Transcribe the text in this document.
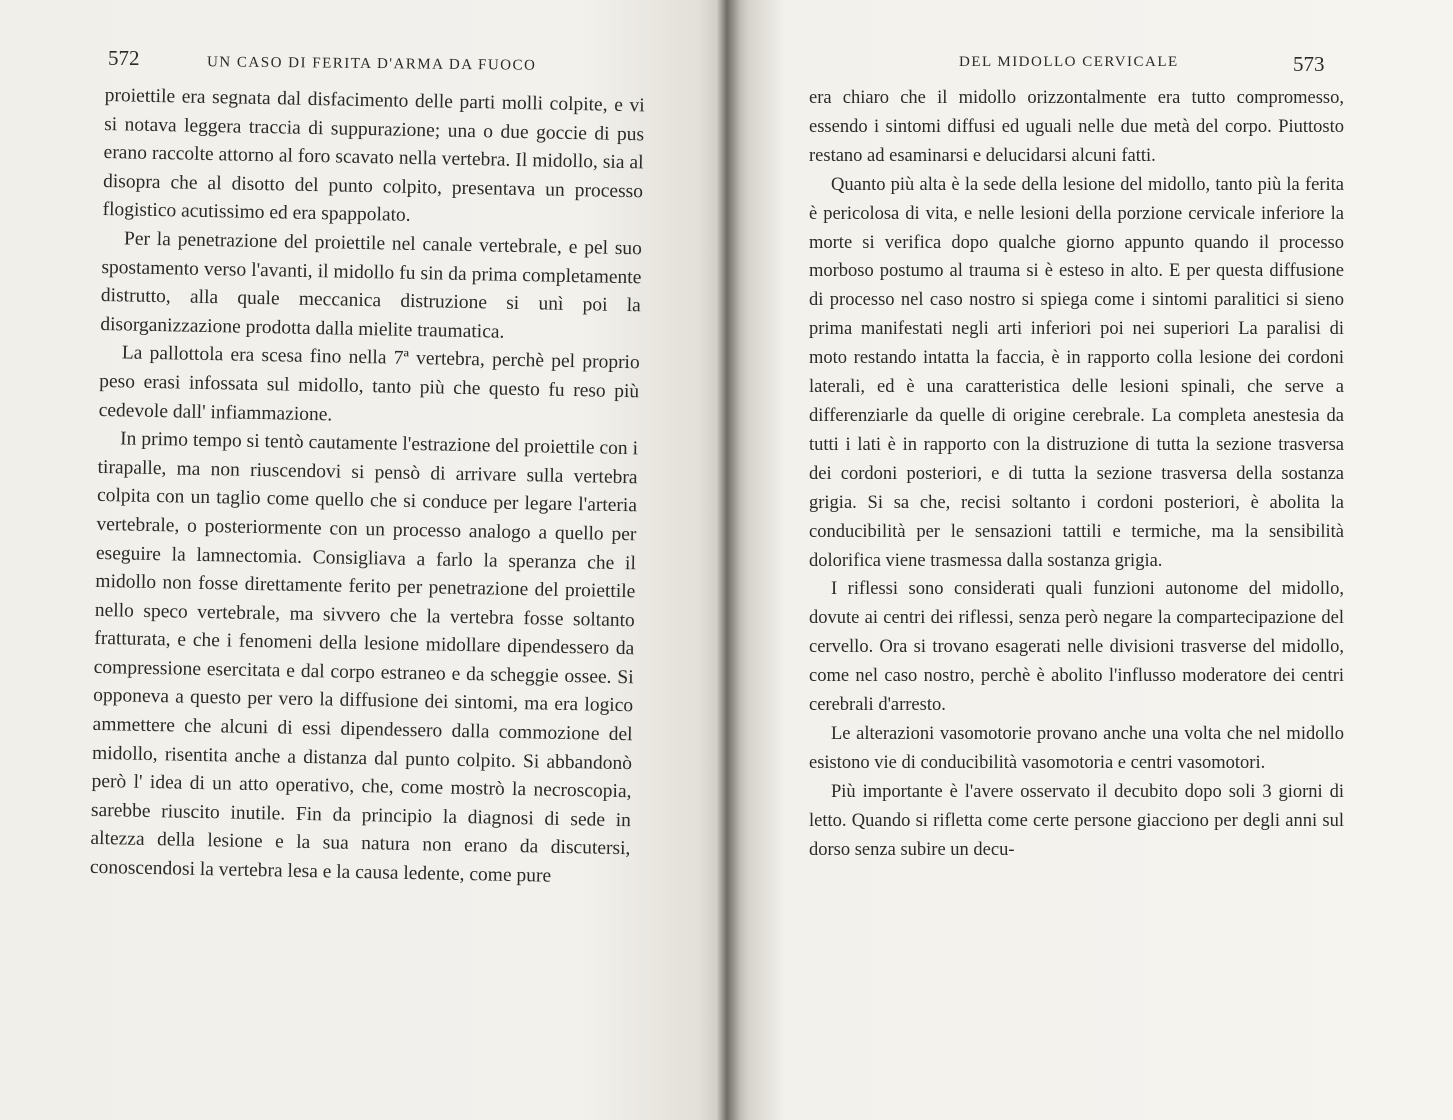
572	UN CASO DI FERITA D'ARMA DA FUOCO

proiettile era segnata dal disfacimento delle parti molli colpite, e vi si notava leggera traccia di suppurazione; una o due goccie di pus erano raccolte attorno al foro scavato nella vertebra. Il midollo, sia al disopra che al disotto del punto colpito, presentava un processo flogistico acutissimo ed era spappolato.

Per la penetrazione del proiettile nel canale vertebrale, e pel suo spostamento verso l'avanti, il midollo fu sin da prima completamente distrutto, alla quale meccanica distruzione si unì poi la disorganizzazione prodotta dalla mielite traumatica.

La pallottola era scesa fino nella 7ª vertebra, perchè pel proprio peso erasi infossata sul midollo, tanto più che questo fu reso più cedevole dall' infiammazione.

In primo tempo si tentò cautamente l'estrazione del proiettile con i tirapalle, ma non riuscendovi si pensò di arrivare sulla vertebra colpita con un taglio come quello che si conduce per legare l'arteria vertebrale, o posteriormente con un processo analogo a quello per eseguire la lamnectomia. Consigliava a farlo la speranza che il midollo non fosse direttamente ferito per penetrazione del proiettile nello speco vertebrale, ma sivvero che la vertebra fosse soltanto fratturata, e che i fenomeni della lesione midollare dipendessero da compressione esercitata e dal corpo estraneo e da scheggie ossee. Si opponeva a questo per vero la diffusione dei sintomi, ma era logico ammettere che alcuni di essi dipendessero dalla commozione del midollo, risentita anche a distanza dal punto colpito. Si abbandonò però l' idea di un atto operativo, che, come mostrò la necroscopia, sarebbe riuscito inutile. Fin da principio la diagnosi di sede in altezza della lesione e la sua natura non erano da discutersi, conoscendosi la vertebra lesa e la causa ledente, come pure

DEL MIDOLLO CERVICALE	573

era chiaro che il midollo orizzontalmente era tutto compromesso, essendo i sintomi diffusi ed uguali nelle due metà del corpo. Piuttosto restano ad esaminarsi e delucidarsi alcuni fatti.

Quanto più alta è la sede della lesione del midollo, tanto più la ferita è pericolosa di vita, e nelle lesioni della porzione cervicale inferiore la morte si verifica dopo qualche giorno appunto quando il processo morboso postumo al trauma si è esteso in alto. E per questa diffusione di processo nel caso nostro si spiega come i sintomi paralitici si sieno prima manifestati negli arti inferiori poi nei superiori La paralisi di moto restando intatta la faccia, è in rapporto colla lesione dei cordoni laterali, ed è una caratteristica delle lesioni spinali, che serve a differenziarle da quelle di origine cerebrale. La completa anestesia da tutti i lati è in rapporto con la distruzione di tutta la sezione trasversa dei cordoni posteriori, e di tutta la sezione trasversa della sostanza grigia. Si sa che, recisi soltanto i cordoni posteriori, è abolita la conducibilità per le sensazioni tattili e termiche, ma la sensibilità dolorifica viene trasmessa dalla sostanza grigia.

I riflessi sono considerati quali funzioni autonome del midollo, dovute ai centri dei riflessi, senza però negare la compartecipazione del cervello. Ora si trovano esagerati nelle divisioni trasverse del midollo, come nel caso nostro, perchè è abolito l'influsso moderatore dei centri cerebrali d'arresto.

Le alterazioni vasomotorie provano anche una volta che nel midollo esistono vie di conducibilità vasomotoria e centri vasomotori.

Più importante è l'avere osservato il decubito dopo soli 3 giorni di letto. Quando si rifletta come certe persone giacciono per degli anni sul dorso senza subire un decu-
